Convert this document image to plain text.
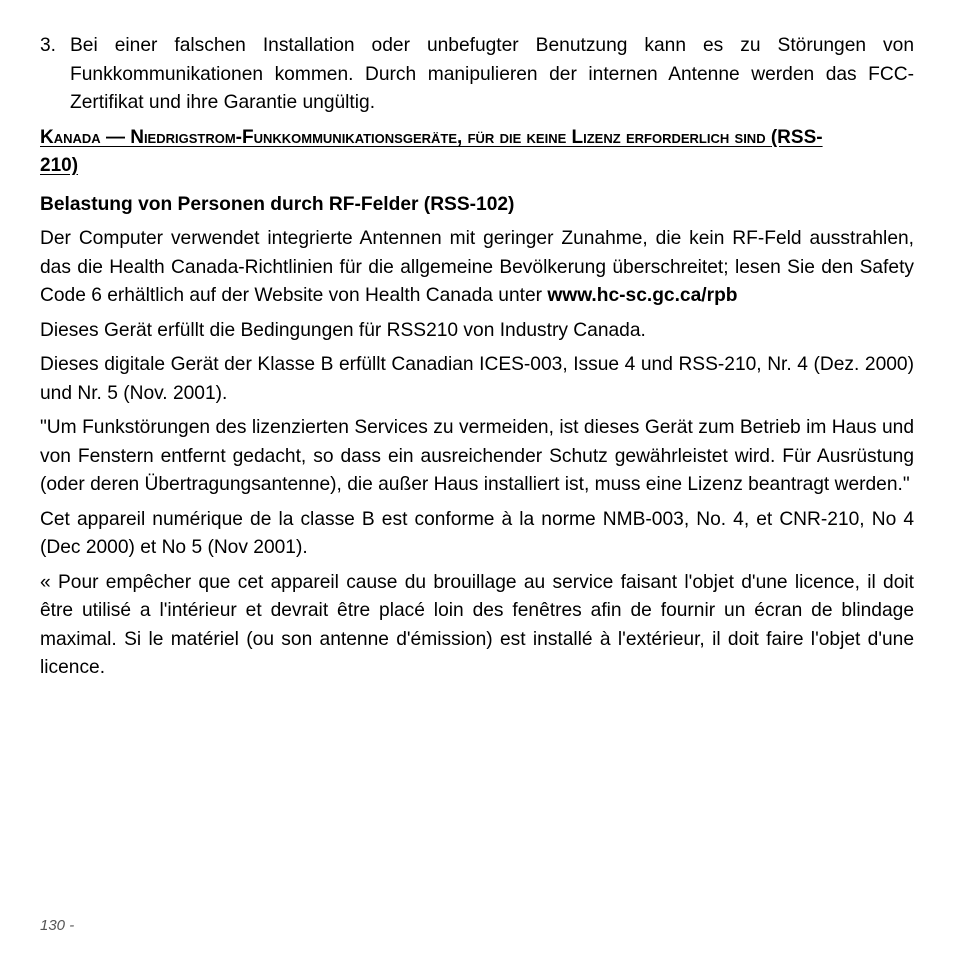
3. Bei einer falschen Installation oder unbefugter Benutzung kann es zu Störungen von Funkkommunikationen kommen. Durch manipulieren der internen Antenne werden das FCC-Zertifikat und ihre Garantie ungültig.
Kanada — Niedrigstrom-Funkkommunikationsgeräte, für die keine Lizenz erforderlich sind (RSS-210)

Belastung von Personen durch RF-Felder (RSS-102)

Der Computer verwendet integrierte Antennen mit geringer Zunahme, die kein RF-Feld ausstrahlen, das die Health Canada-Richtlinien für die allgemeine Bevölkerung überschreitet; lesen Sie den Safety Code 6 erhältlich auf der Website von Health Canada unter www.hc-sc.gc.ca/rpb

Dieses Gerät erfüllt die Bedingungen für RSS210 von Industry Canada.

Dieses digitale Gerät der Klasse B erfüllt Canadian ICES-003, Issue 4 und RSS-210, Nr. 4 (Dez. 2000) und Nr. 5 (Nov. 2001).

"Um Funkstörungen des lizenzierten Services zu vermeiden, ist dieses Gerät zum Betrieb im Haus und von Fenstern entfernt gedacht, so dass ein ausreichender Schutz gewährleistet wird. Für Ausrüstung (oder deren Übertragungsantenne), die außer Haus installiert ist, muss eine Lizenz beantragt werden."

Cet appareil numérique de la classe B est conforme à la norme NMB-003, No. 4, et CNR-210, No 4 (Dec 2000) et No 5 (Nov 2001).

« Pour empêcher que cet appareil cause du brouillage au service faisant l'objet d'une licence, il doit être utilisé a l'intérieur et devrait être placé loin des fenêtres afin de fournir un écran de blindage maximal. Si le matériel (ou son antenne d'émission) est installé à l'extérieur, il doit faire l'objet d'une licence.

130 -
